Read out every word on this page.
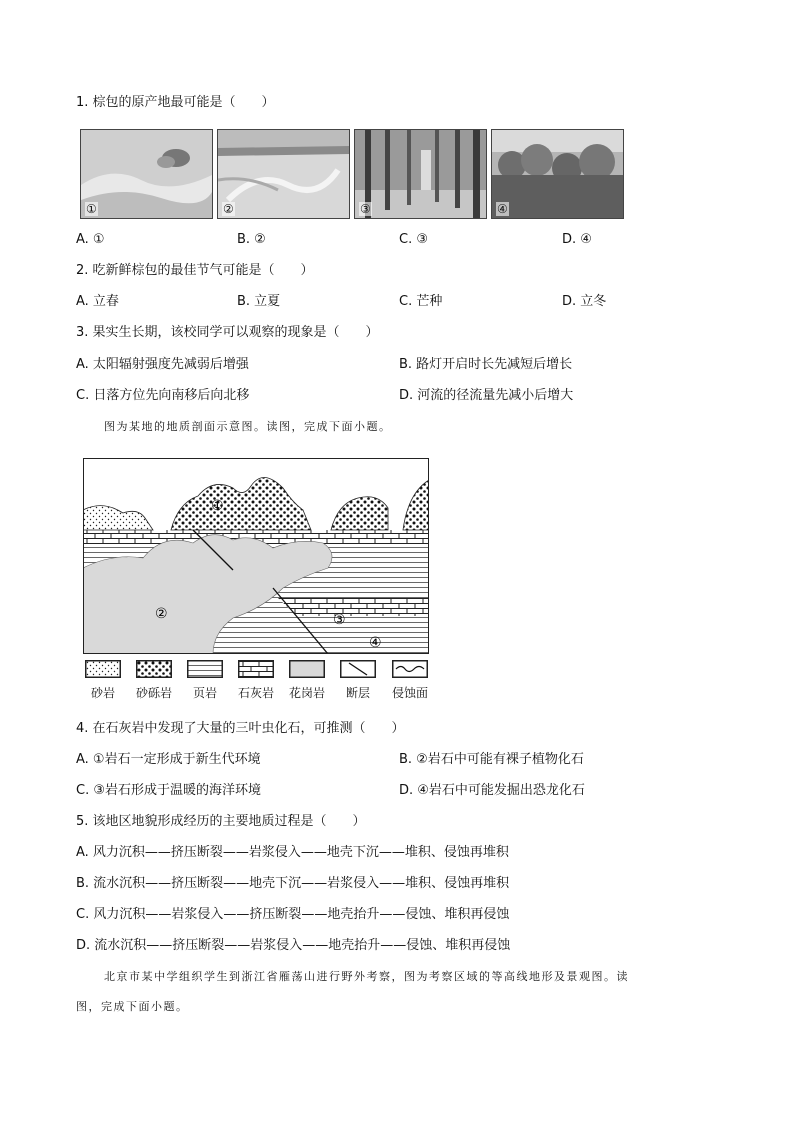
1. 棕包的原产地最可能是（　　）
①	②	③	④
A. ①	B. ②	C. ③	D. ④
2. 吃新鲜棕包的最佳节气可能是（　　）
A. 立春	B. 立夏	C. 芒种	D. 立冬
3. 果实生长期，该校同学可以观察的现象是（　　）
A. 太阳辐射强度先减弱后增强	B. 路灯开启时长先减短后增长
C. 日落方位先向南移后向北移	D. 河流的径流量先减小后增大
图为某地的地质剖面示意图。读图，完成下面小题。
①
②	③
④
砂岩	砂砾岩	页岩	石灰岩	花岗岩	断层	侵蚀面
4. 在石灰岩中发现了大量的三叶虫化石，可推测（　　）
A. ①岩石一定形成于新生代环境	B. ②岩石中可能有裸子植物化石
C. ③岩石形成于温暖的海洋环境	D. ④岩石中可能发掘出恐龙化石
5. 该地区地貌形成经历的主要地质过程是（　　）
A. 风力沉积——挤压断裂——岩浆侵入——地壳下沉——堆积、侵蚀再堆积
B. 流水沉积——挤压断裂——地壳下沉——岩浆侵入——堆积、侵蚀再堆积
C. 风力沉积——岩浆侵入——挤压断裂——地壳抬升——侵蚀、堆积再侵蚀
D. 流水沉积——挤压断裂——岩浆侵入——地壳抬升——侵蚀、堆积再侵蚀
北京市某中学组织学生到浙江省雁荡山进行野外考察，图为考察区域的等高线地形及景观图。读
图，完成下面小题。
